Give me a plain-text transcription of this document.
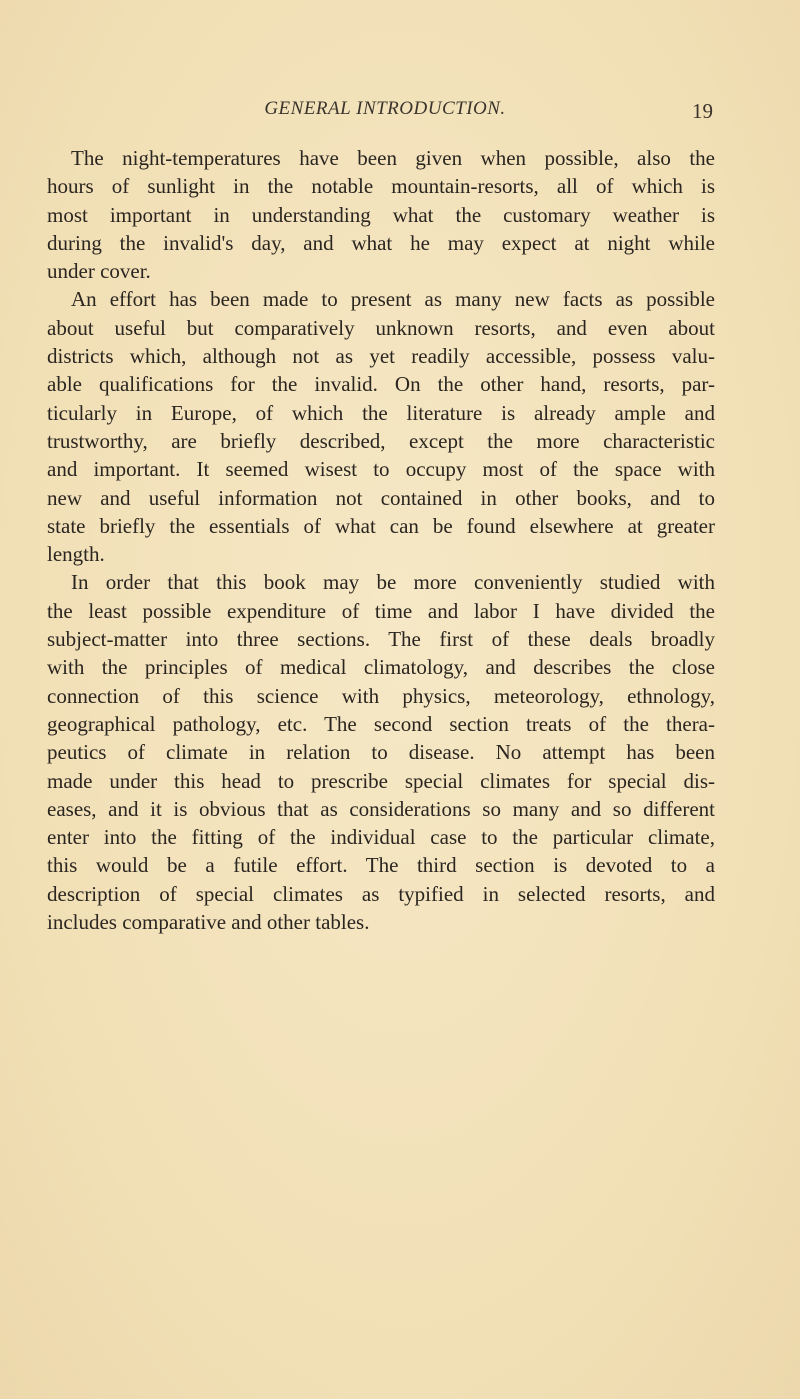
GENERAL INTRODUCTION.	19
The night-temperatures have been given when possible, also the
hours of sunlight in the notable mountain-resorts, all of which is
most important in understanding what the customary weather is
during the invalid's day, and what he may expect at night while
under cover.
An effort has been made to present as many new facts as possible
about useful but comparatively unknown resorts, and even about
districts which, although not as yet readily accessible, possess valu-
able qualifications for the invalid. On the other hand, resorts, par-
ticularly in Europe, of which the literature is already ample and
trustworthy, are briefly described, except the more characteristic
and important. It seemed wisest to occupy most of the space with
new and useful information not contained in other books, and to
state briefly the essentials of what can be found elsewhere at greater
length.
In order that this book may be more conveniently studied with
the least possible expenditure of time and labor I have divided the
subject-matter into three sections. The first of these deals broadly
with the principles of medical climatology, and describes the close
connection of this science with physics, meteorology, ethnology,
geographical pathology, etc. The second section treats of the thera-
peutics of climate in relation to disease. No attempt has been
made under this head to prescribe special climates for special dis-
eases, and it is obvious that as considerations so many and so different
enter into the fitting of the individual case to the particular climate,
this would be a futile effort. The third section is devoted to a
description of special climates as typified in selected resorts, and
includes comparative and other tables.
